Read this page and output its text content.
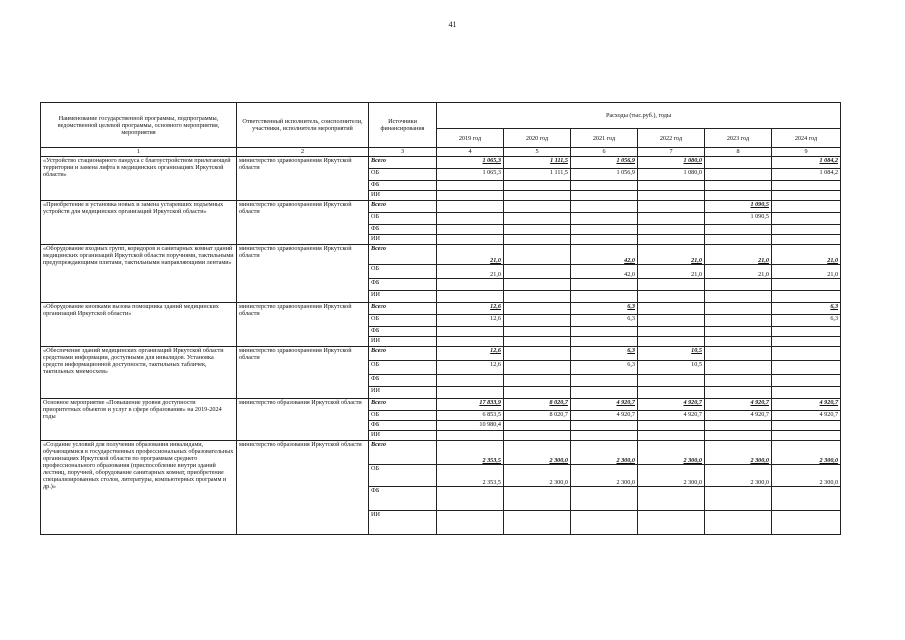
41
Наименование государственной программы, подпрограммы, ведомственной целевой программы, основного мероприятия, мероприятия	Ответственный исполнитель, соисполнители, участники, исполнители мероприятий	Источники финансирования	Расходы (тыс.руб.), годы					
			2019 год	2020 год	2021 год	2022 год	2023 год	2024 год
1	2	3	4	5	6	7	8	9
«Устройство стационарного пандуса с благоустройством прилегающей территории и замена лифта в медицинских организациях Иркутской области»	министерство здравоохранения Иркутской области	Всего	1 065,3	1 111,5	1 056,9	1 080,0		1 084,2
		ОБ	1 065,3	1 111,5	1 056,9	1 080,0		1 084,2
		ФБ						
		ИИ						
«Приобретение и установка новых и замена устаревших подъемных устройств для медицинских организаций Иркутской области»	министерство здравоохранения Иркутской области	Всего					1 090,5	
		ОБ					1 090,5	
		ФБ						
		ИИ						
«Оборудование входных групп, коридоров и санитарных комнат зданий медицинских организаций Иркутской области поручнями, тактильными предупреждающими плитами, тактильными направляющими лентами»	министерство здравоохранения Иркутской области	Всего	21,0		42,0	21,0	21,0	21,0
		ОБ	21,0		42,0	21,0	21,0	21,0
		ФБ						
		ИИ						
«Оборудование кнопками вызова помощника зданий медицинских организаций Иркутской области»	министерство здравоохранения Иркутской области	Всего	12,6		6,3			6,3
		ОБ	12,6		6,3			6,3
		ФБ						
		ИИ						
«Обеспечение зданий медицинских организаций Иркутской области средствами информации, доступными для инвалидов. Установка средств информационной доступности, тактильных табличек, тактильных мнемосхем»	министерство здравоохранения Иркутской области	Всего	12,6		6,3	10,5		
		ОБ	12,6		6,3	10,5		
		ФБ						
		ИИ						
Основное мероприятие «Повышение уровня доступности приоритетных объектов и услуг в сфере образования» на 2019-2024 годы	министерство образования Иркутской области	Всего	17 833,9	8 020,7	4 920,7	4 920,7	4 920,7	4 920,7
		ОБ	6 853,5	8 020,7	4 920,7	4 920,7	4 920,7	4 920,7
		ФБ	10 980,4					
		ИИ						
«Создание условий для получения образования инвалидами, обучающимися в государственных профессиональных образовательных организациях Иркутской области по программам среднего профессионального образования (приспособление внутри зданий лестниц, поручней, оборудование санитарных комнат, приобретение специализированных столов, литературы, компьютерных программ и др.)»	министерство образования Иркутской области	Всего	2 353,5	2 300,0	2 300,0	2 300,0	2 300,0	2 300,0
		ОБ	2 353,5	2 300,0	2 300,0	2 300,0	2 300,0	2 300,0
		ФБ						
		ИИ						
